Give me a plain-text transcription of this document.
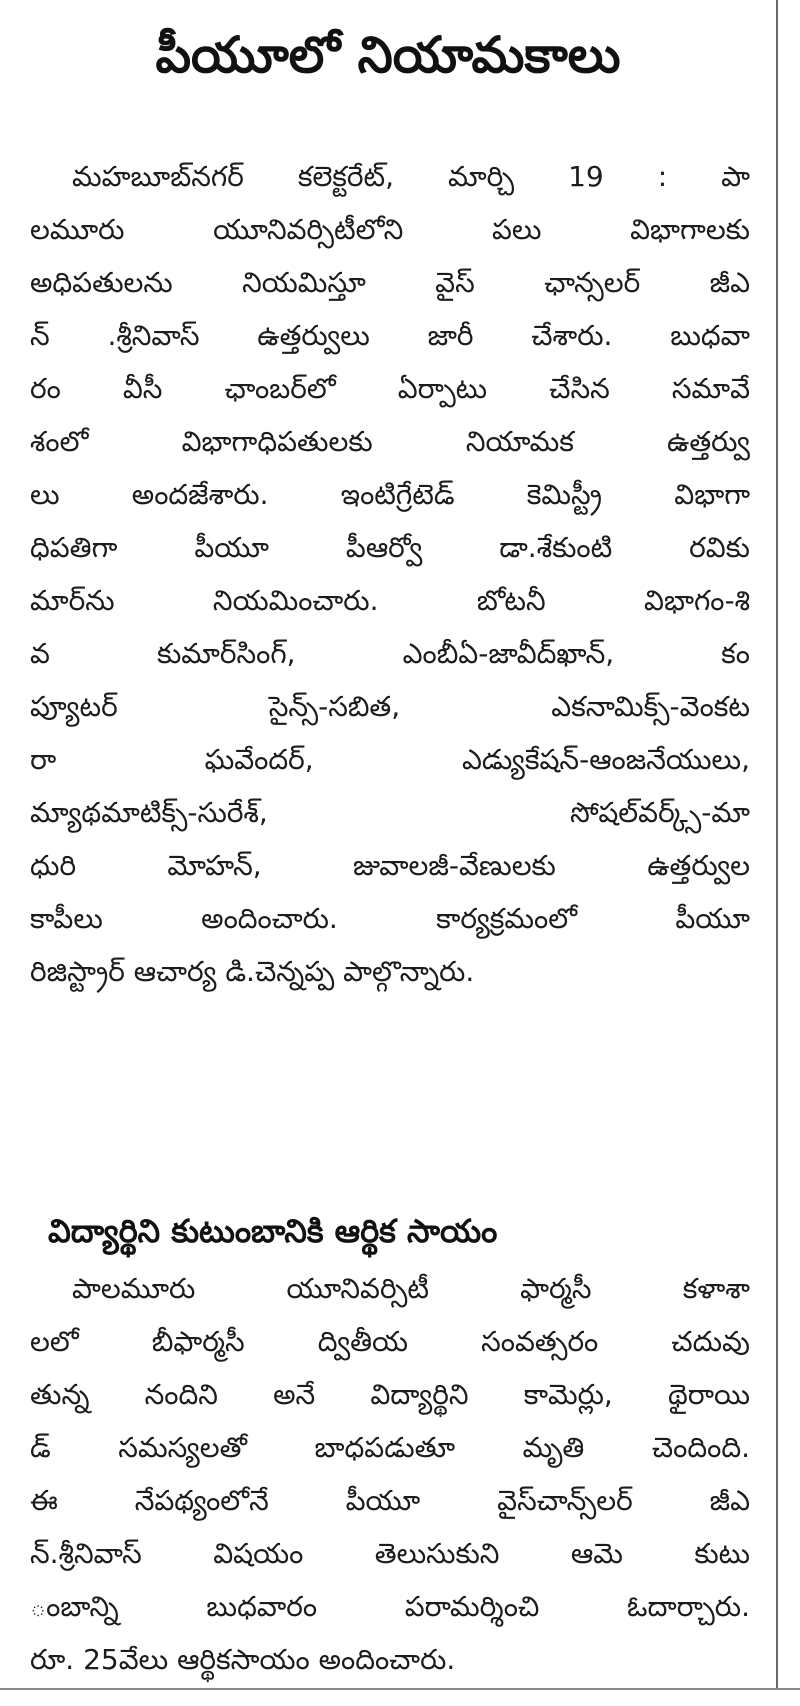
పీయూలో నియామకాలు
మహబూబ్‌నగర్ కలెక్టరేట్, మార్చి 19 : పా
లమూరు యూనివర్సిటీలోని పలు విభాగాలకు
అధిపతులను నియమిస్తూ వైస్ ఛాన్సలర్ జీఎ
న్ .శ్రీనివాస్ ఉత్తర్వులు జారీ చేశారు. బుధవా
రం వీసీ ఛాంబర్‌లో ఏర్పాటు చేసిన సమావే
శంలో విభాగాధిపతులకు నియామక ఉత్తర్వు
లు అందజేశారు. ఇంటిగ్రేటెడ్ కెమిస్ట్రీ విభాగా
ధిపతిగా పీయూ పీఆర్వో డా.శేకుంటి రవికు
మార్‌ను నియమించారు. బోటనీ విభాగం-శి
వ కుమార్‌సింగ్, ఎంబీఏ-జావీద్‌ఖాన్, కం
ప్యూటర్ సైన్స్-సబిత, ఎకనామిక్స్-వెంకట
రా ఘవేందర్, ఎడ్యుకేషన్-ఆంజనేయులు,
మ్యాథమాటిక్స్-సురేశ్, సోషల్‌వర్క్స్-మా
ధురి మోహన్, జువాలజీ-వేణులకు ఉత్తర్వుల
కాపీలు అందించారు. కార్యక్రమంలో పీయూ
రిజిస్ట్రార్ ఆచార్య డి.చెన్నప్ప పాల్గొన్నారు.
విద్యార్థిని కుటుంబానికి ఆర్థిక సాయం
పాలమూరు యూనివర్సిటీ ఫార్మసీ కళాశా
లలో బీఫార్మసీ ద్వితీయ సంవత్సరం చదువు
తున్న నందిని అనే విద్యార్థిని కామెర్లు, థైరాయి
డ్ సమస్యలతో బాధపడుతూ మృతి చెందింది.
ఈ నేపథ్యంలోనే పీయూ వైస్‌చాన్స్‌లర్ జీఎ
న్.శ్రీనివాస్ విషయం తెలుసుకుని ఆమె కుటు
ంబాన్ని బుధవారం పరామర్శించి ఓదార్చారు.
రూ. 25వేలు ఆర్థికసాయం అందించారు.
